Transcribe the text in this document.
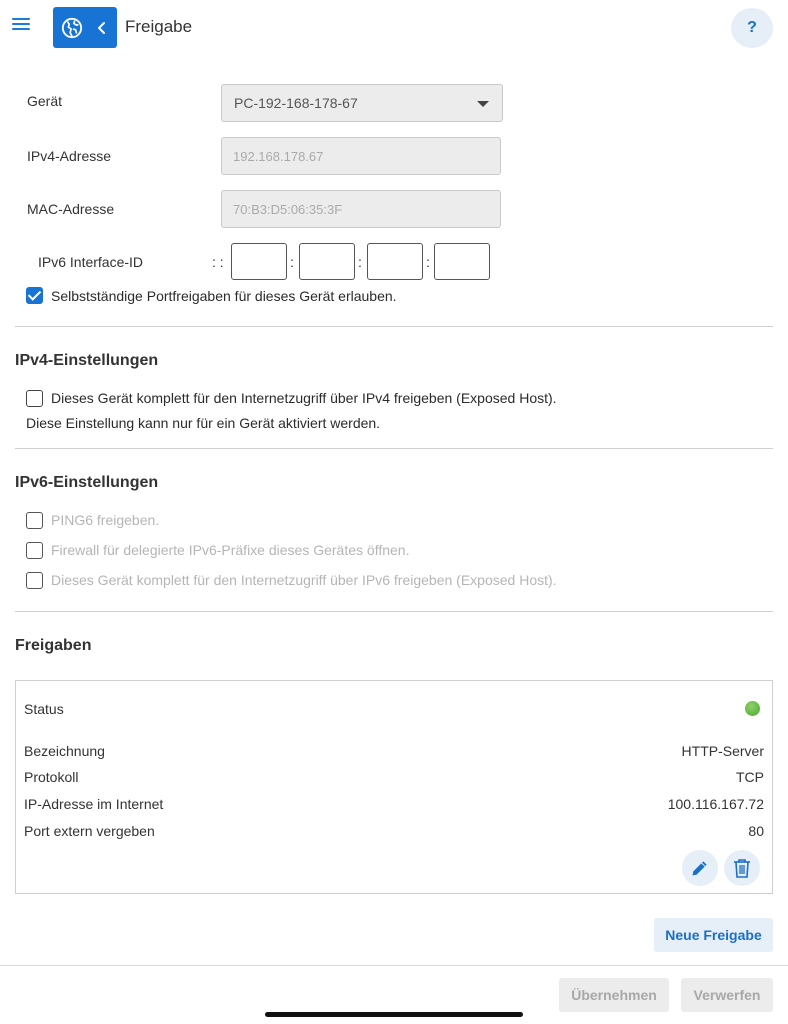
Freigabe	?
Gerät	PC-192-168-178-67
IPv4-Adresse	192.168.178.67
MAC-Adresse	70:B3:D5:06:35:3F
IPv6 Interface-ID	: :	:	:	:
Selbstständige Portfreigaben für dieses Gerät erlauben.
IPv4-Einstellungen
Dieses Gerät komplett für den Internetzugriff über IPv4 freigeben (Exposed Host).
Diese Einstellung kann nur für ein Gerät aktiviert werden.
IPv6-Einstellungen
PING6 freigeben.
Firewall für delegierte IPv6-Präfixe dieses Gerätes öffnen.
Dieses Gerät komplett für den Internetzugriff über IPv6 freigeben (Exposed Host).
Freigaben
Status
Bezeichnung	HTTP-Server
Protokoll	TCP
IP-Adresse im Internet	100.116.167.72
Port extern vergeben	80
Neue Freigabe
Übernehmen	Verwerfen
